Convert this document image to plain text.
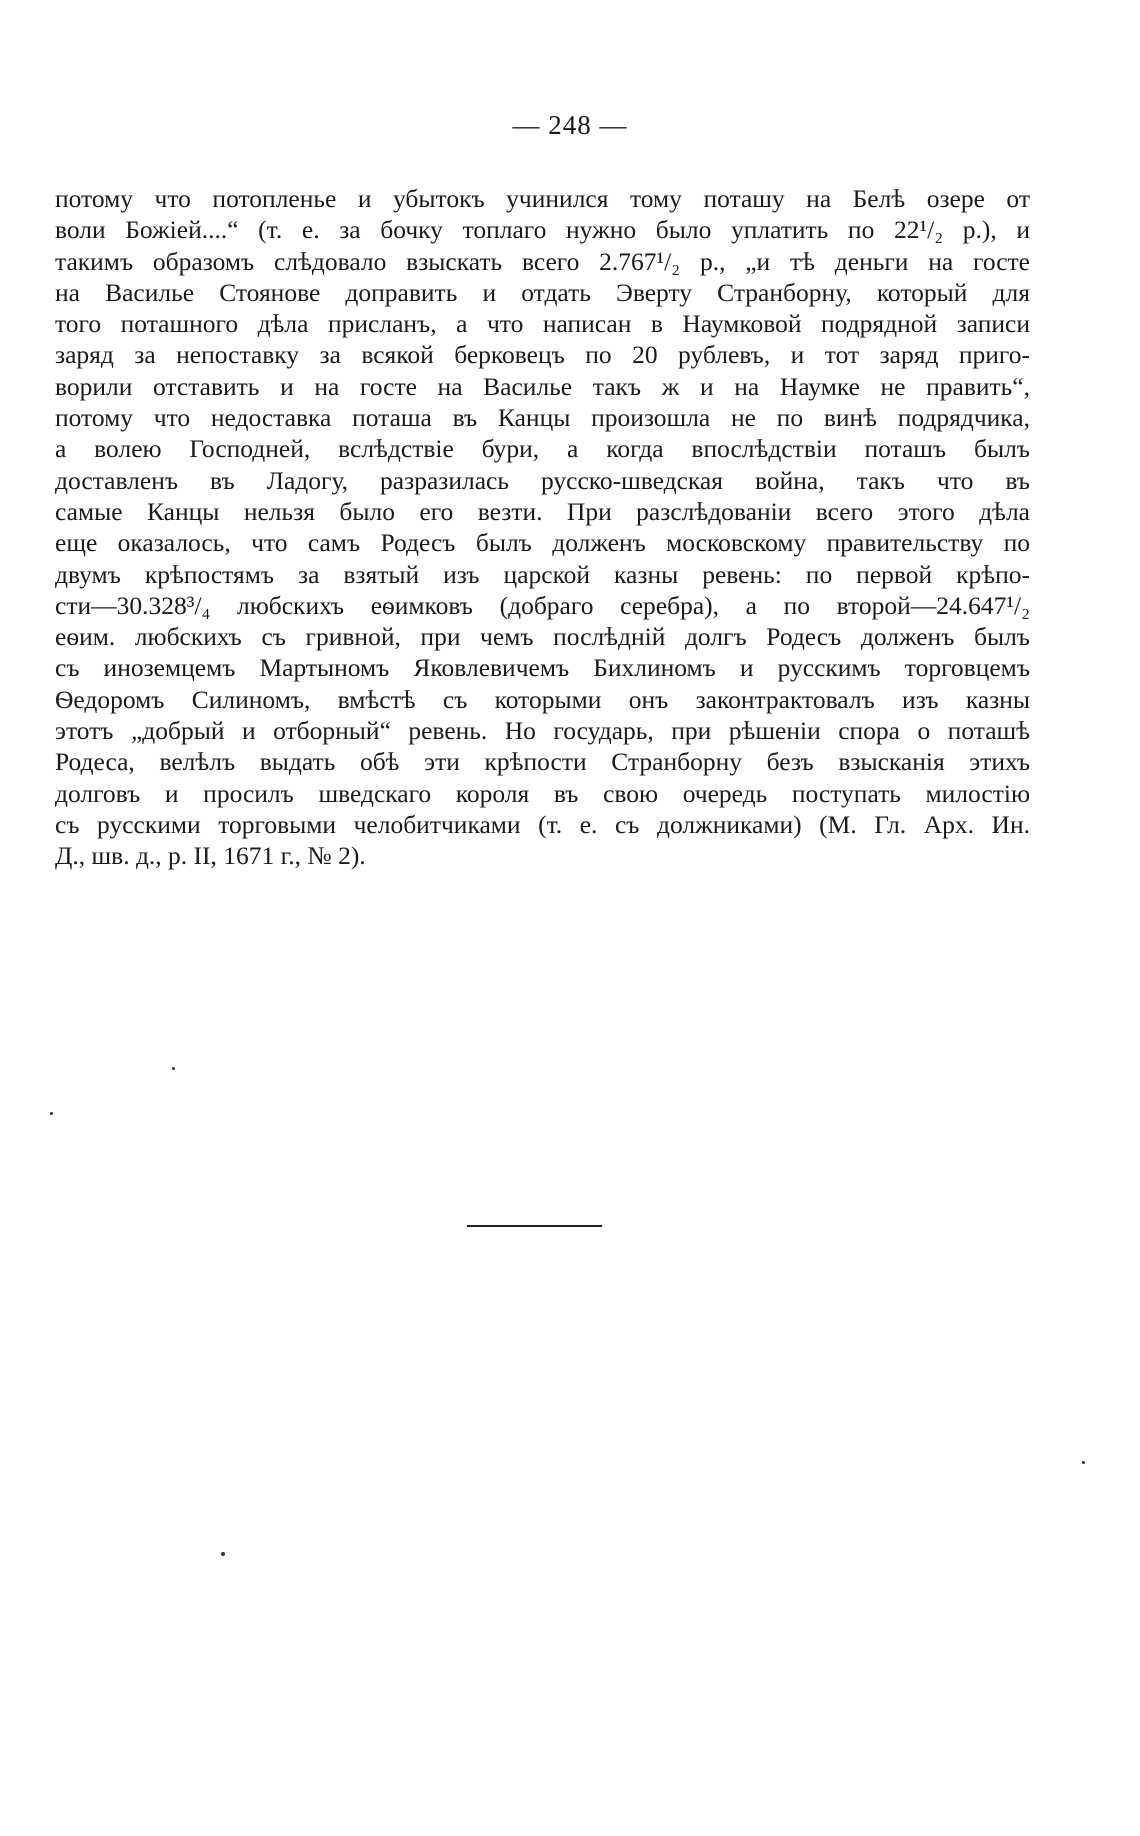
— 248 —
потому что потопленье и убытокъ учинился тому поташу на Белѣ озере от
воли Божіей....“ (т. е. за бочку топлаго нужно было уплатить по 22¹/₂ р.), и
такимъ образомъ слѣдовало взыскать всего 2.767¹/₂ р., „и тѣ деньги на госте
на Василье Стоянове доправить и отдать Эверту Странборну, который для
того поташного дѣла присланъ, а что написан в Наумковой подрядной записи
заряд за непоставку за всякой берковецъ по 20 рублевъ, и тот заряд приго-
ворили отставить и на госте на Василье такъ ж и на Наумке не править“,
потому что недоставка поташа въ Канцы произошла не по винѣ подрядчика,
а волею Господней, вслѣдствіе бури, а когда впослѣдствіи поташъ былъ
доставленъ въ Ладогу, разразилась русско-шведская война, такъ что въ
самые Канцы нельзя было его везти. При разслѣдованіи всего этого дѣла
еще оказалось, что самъ Родесъ былъ долженъ московскому правительству по
двумъ крѣпостямъ за взятый изъ царской казны ревень: по первой крѣпо-
сти—30.328³/₄ любскихъ еѳимковъ (добраго серебра), а по второй—24.647¹/₂
еѳим. любскихъ съ гривной, при чемъ послѣдній долгъ Родесъ долженъ былъ
съ иноземцемъ Мартыномъ Яковлевичемъ Бихлиномъ и русскимъ торговцемъ
Ѳедоромъ Силиномъ, вмѣстѣ съ которыми онъ законтрактовалъ изъ казны
этотъ „добрый и отборный“ ревень. Но государь, при рѣшеніи спора о поташѣ
Родеса, велѣлъ выдать обѣ эти крѣпости Странборну безъ взысканія этихъ
долговъ и просилъ шведскаго короля въ свою очередь поступать милостію
съ русскими торговыми челобитчиками (т. е. съ должниками) (М. Гл. Арх. Ин.
Д., шв. д., р. II, 1671 г., № 2).
